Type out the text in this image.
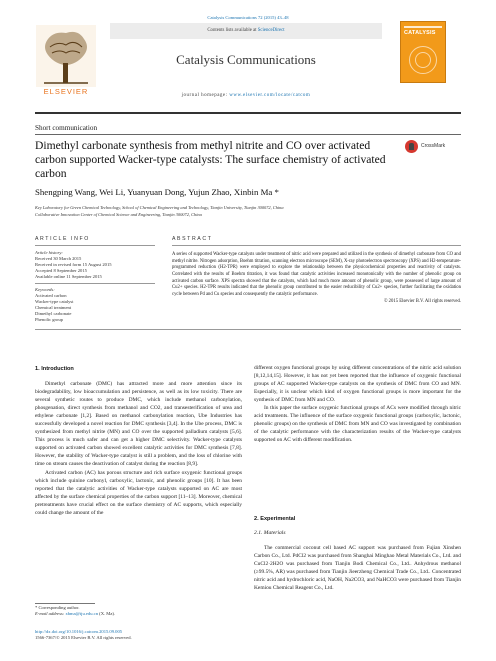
Catalysis Communications 72 (2015) 43–48
ELSEVIER
Contents lists available at ScienceDirect
Catalysis Communications
journal homepage: www.elsevier.com/locate/catcom
CATALYSIS
Short communication
Dimethyl carbonate synthesis from methyl nitrite and CO over activated carbon supported Wacker-type catalysts: The surface chemistry of activated carbon
CrossMark
Shengping Wang, Wei Li, Yuanyuan Dong, Yujun Zhao, Xinbin Ma *
Key Laboratory for Green Chemical Technology, School of Chemical Engineering and Technology, Tianjin University, Tianjin 300072, China
Collaborative Innovation Center of Chemical Science and Engineering, Tianjin 300072, China
ARTICLE INFO	ABSTRACT
Article history:
Received 30 March 2015
Received in revised form 15 August 2015
Accepted 8 September 2015
Available online 11 September 2015
Keywords:
Activated carbon
Wacker-type catalyst
Chemical treatment
Dimethyl carbonate
Phenolic group
A series of supported Wacker-type catalysts under treatment of nitric acid were prepared and utilized in the synthesis of dimethyl carbonate from CO and methyl nitrite. Nitrogen adsorption, Boehm titration, scanning electron microscope (SEM), X-ray photoelectron spectroscopy (XPS) and H2-temperature-programmed reduction (H2-TPR) were employed to explore the relationship between the physicochemical properties and reactivity of catalysts. Correlated with the results of Boehm titration, it was found that catalytic activities increased monotonically with the number of phenolic group on activated carbon surface. XPS spectra showed that the catalysts, which had much more amount of phenolic group, were possessed of large amount of Cu2+ species. H2-TPR results indicated that the phenolic group contributed to the easier reducibility of Cu2+ species, further facilitating the oxidation cycle between Pd and Cu species and consequently the catalytic performance.
© 2015 Elsevier B.V. All rights reserved.
1. Introduction

Dimethyl carbonate (DMC) has attracted more and more attention since its biodegradability, low bioaccumulation and persistence, as well as its low toxicity. There are several synthetic routes to produce DMC, which include methanol carbonylation, phosgenation, direct synthesis from methanol and CO2, and transesterification of urea and ethylene carbonate [1,2]. Based on methanol carbonylation reaction, Ube Industries has successfully developed a novel reaction for DMC synthesis [3,4]. In the Ube process, DMC is synthesized from methyl nitrite (MN) and CO over the supported palladium catalysts [5,6]. This process is much safer and can get a higher DMC selectivity. Wacker-type catalysts supported on activated carbon showed excellent catalytic activities for DMC synthesis [7,8]. However, the stability of Wacker-type catalyst is still a problem, and the loss of chlorine with time on stream causes the deactivation of catalyst during the reaction [8,9].

Activated carbon (AC) has porous structure and rich surface oxygenic functional groups which include quinine carbonyl, carboxylic, lactonic, and phenolic groups [10]. It has been reported that the catalytic activities of Wacker-type catalysts supported on AC are most affected by the surface chemical properties of the carbon support [11–13]. Moreover, chemical pretreatments have crucial effect on the surface chemistry of AC supports, which especially could change the amount of the

different oxygen functional groups by using different concentrations of the nitric acid solution [8,12,14,15]. However, it has not yet been reported that the influence of oxygenic functional groups of AC supported Wacker-type catalysts on the synthesis of DMC from CO and MN. Especially, it is unclear which kind of oxygen functional groups is more important for the synthesis of DMC from MN and CO.

In this paper the surface oxygenic functional groups of ACs were modified through nitric acid treatments. The influence of the surface oxygenic functional groups (carboxylic, lactonic, phenolic groups) on the synthesis of DMC from MN and CO was investigated by combination of the catalytic performance with the characterization results of the Wacker-type catalysts supported on AC with different modification.

2. Experimental
2.1. Materials

The commercial coconut cell based AC support was purchased from Fujian Xinshen Carbon Co., Ltd. PdCl2 was purchased from Shanghai Minghao Metal Materials Co., Ltd. and CuCl2·2H2O was purchased from Tianjin Bodi Chemical Co., Ltd.. Anhydrous methanol (≥99.5%, AR) was purchased from Tianjin Jieerzheng Chemical Trade Co., Ltd.. Concentrated nitric acid and hydrochloric acid, NaOH, Na2CO3, and NaHCO3 were purchased from Tianjin Kemiou Chemical Reagent Co., Ltd.

* Corresponding author.
E-mail address: xbma@tju.edu.cn (X. Ma).
http://dx.doi.org/10.1016/j.catcom.2015.09.005
1566-7367/© 2015 Elsevier B.V. All rights reserved.
